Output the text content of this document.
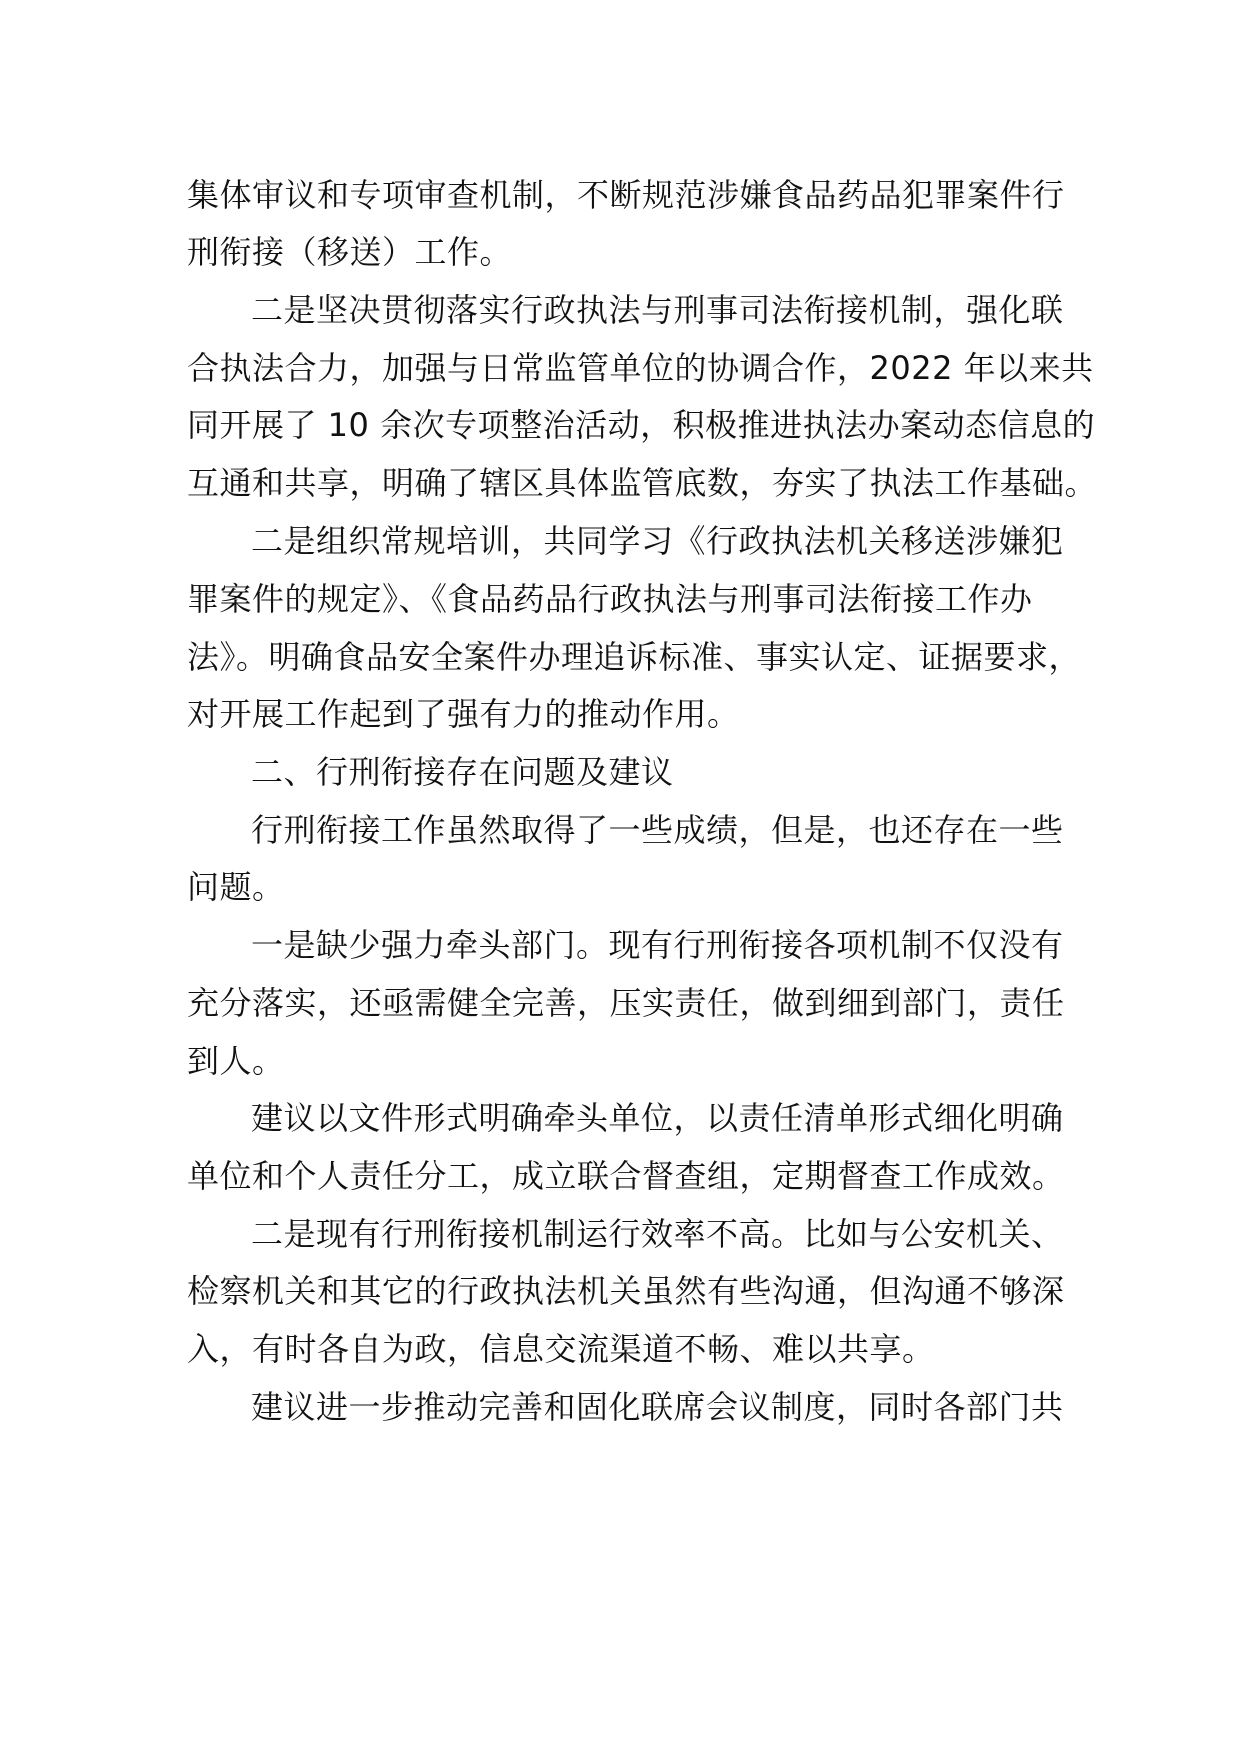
集体审议和专项审查机制，不断规范涉嫌食品药品犯罪案件行
刑衔接（移送）工作。
二是坚决贯彻落实行政执法与刑事司法衔接机制，强化联
合执法合力，加强与日常监管单位的协调合作，2022 年以来共
同开展了 10 余次专项整治活动，积极推进执法办案动态信息的
互通和共享，明确了辖区具体监管底数，夯实了执法工作基础。
二是组织常规培训，共同学习《行政执法机关移送涉嫌犯
罪案件的规定》、《食品药品行政执法与刑事司法衔接工作办
法》。明确食品安全案件办理追诉标准、事实认定、证据要求，
对开展工作起到了强有力的推动作用。
二、行刑衔接存在问题及建议
行刑衔接工作虽然取得了一些成绩，但是，也还存在一些
问题。
一是缺少强力牵头部门。现有行刑衔接各项机制不仅没有
充分落实，还亟需健全完善，压实责任，做到细到部门，责任
到人。
建议以文件形式明确牵头单位，以责任清单形式细化明确
单位和个人责任分工，成立联合督查组，定期督查工作成效。
二是现有行刑衔接机制运行效率不高。比如与公安机关、
检察机关和其它的行政执法机关虽然有些沟通，但沟通不够深
入，有时各自为政，信息交流渠道不畅、难以共享。
建议进一步推动完善和固化联席会议制度，同时各部门共
